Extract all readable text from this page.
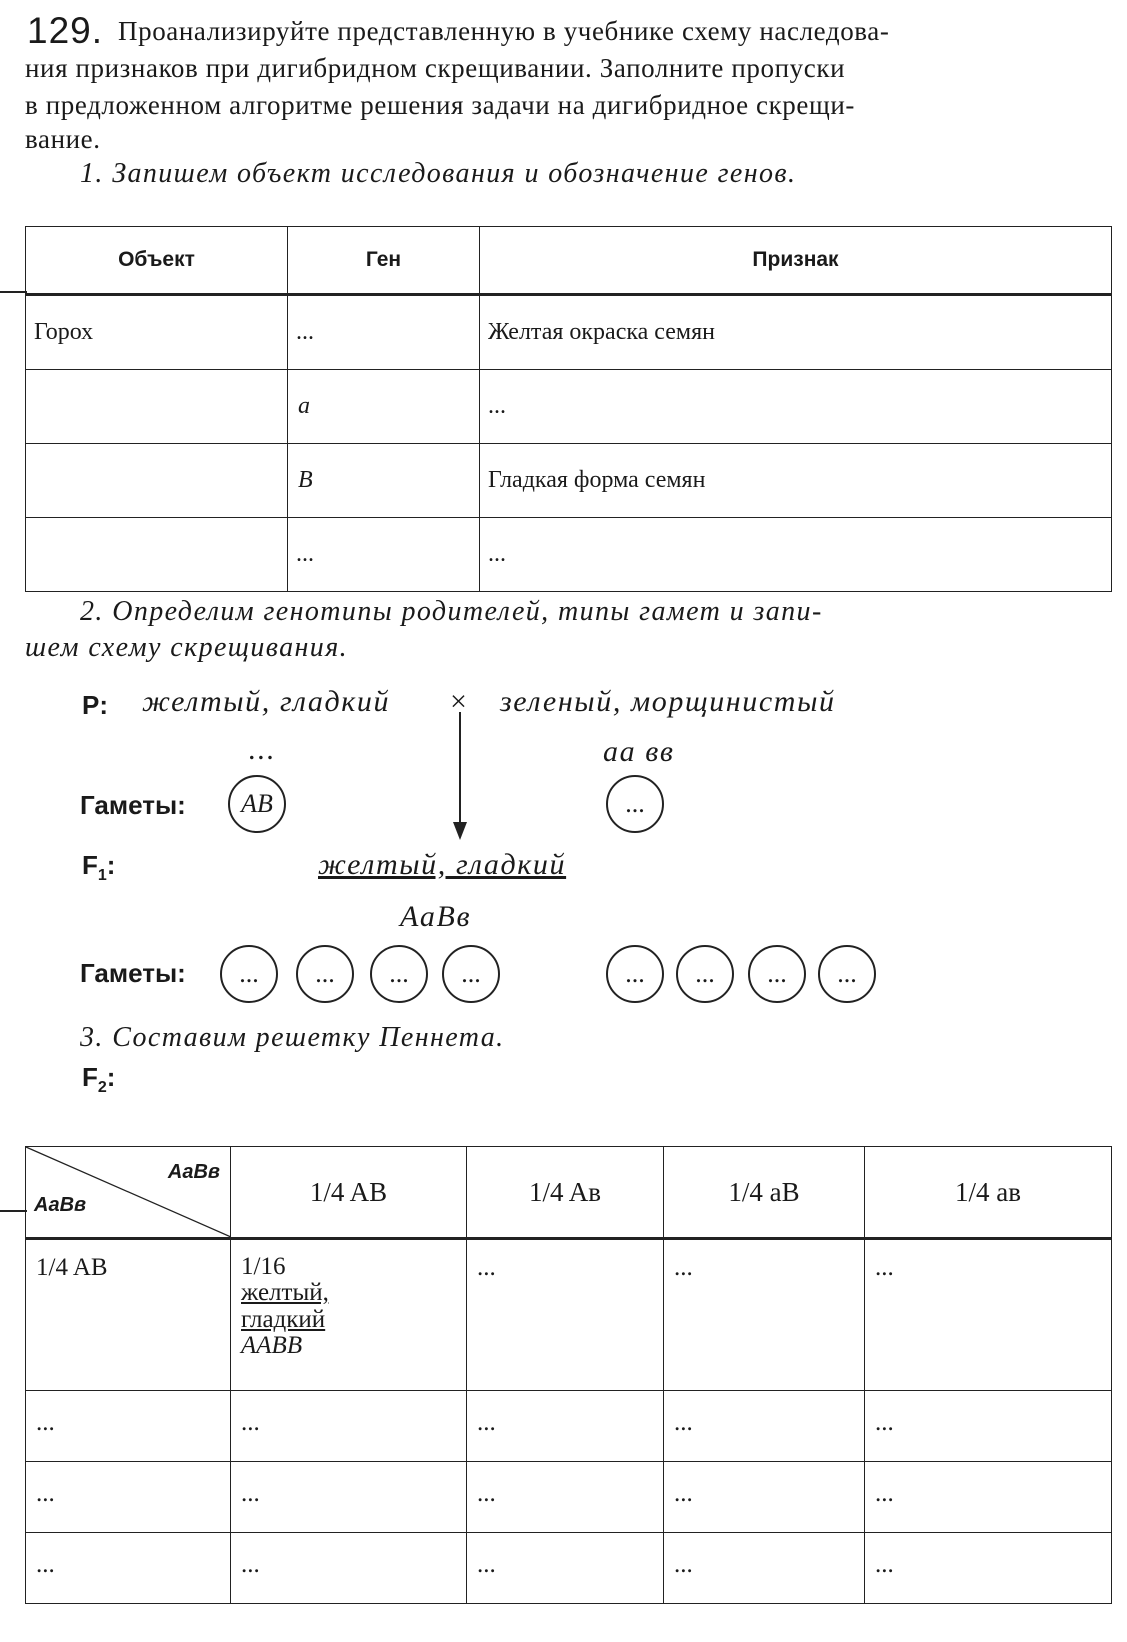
129. Проанализируйте представленную в учебнике схему наследова-
ния признаков при дигибридном скрещивании. Заполните пропуски
в предложенном алгоритме решения задачи на дигибридное скрещи-
вание.
1. Запишем объект исследования и обозначение генов.
Объект	Ген	Признак
Горох	...	Желтая окраска семян
	a	...
	B	Гладкая форма семян
	...	...
2. Определим генотипы родителей, типы гамет и запи-
шем схему скрещивания.
P: желтый, гладкий × зеленый, морщинистый
...	аа вв
Гаметы: AB	...
$F_1$:	желтый, гладкий
AaBв
Гаметы: ... ... ... ...	... ... ... ...
3. Составим решетку Пеннета.
$F_2$:
AaBв
AaBв	1/4 AB	1/4 Aв	1/4 aB	1/4 aв
1/4 AB	1/16
желтый,
гладкий
AABB	...	...	...
...	...	...	...	...
...	...	...	...	...
...	...	...	...	...
